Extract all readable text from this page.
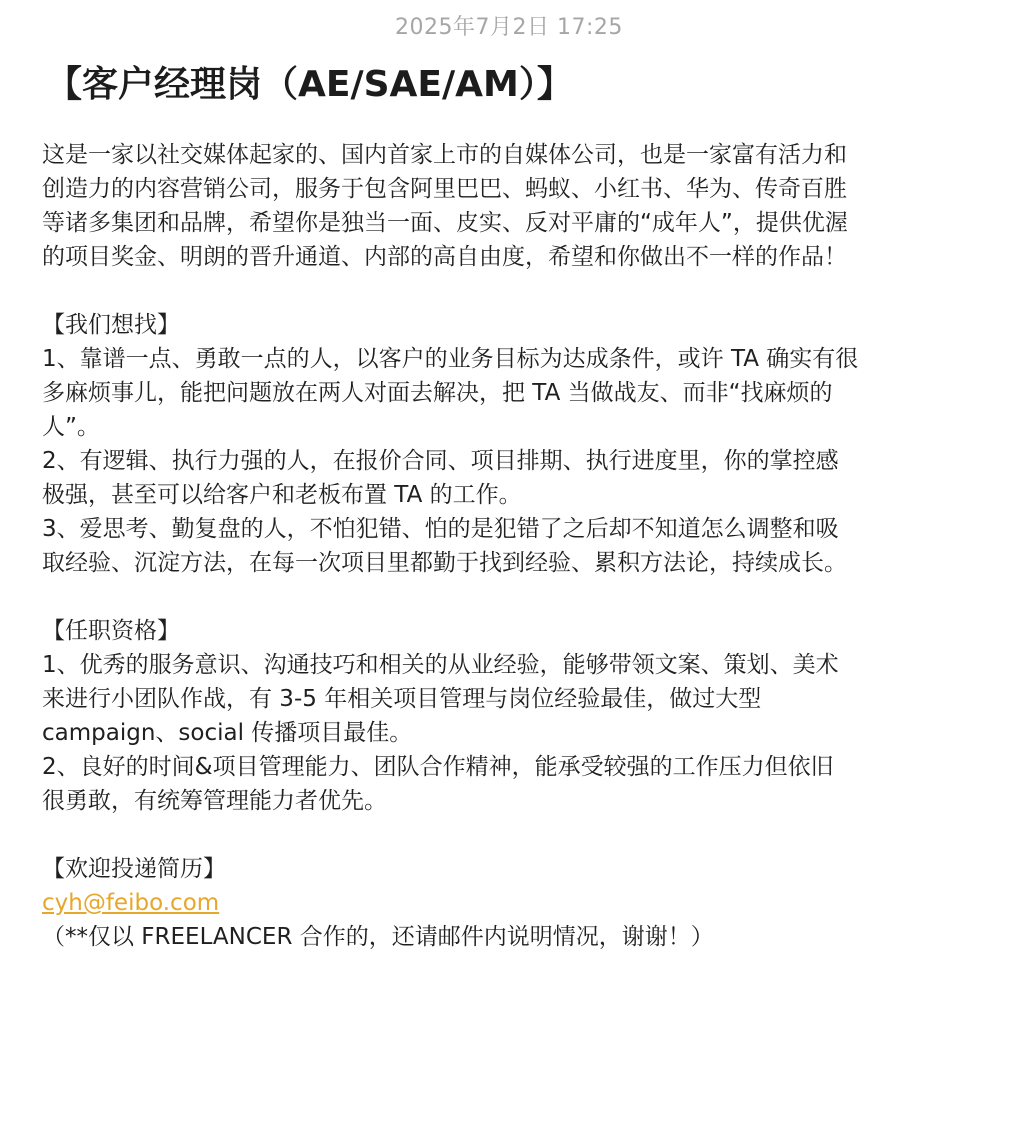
2025年7月2日 17:25
【客户经理岗（AE/SAE/AM）】
这是一家以社交媒体起家的、国内首家上市的自媒体公司，也是一家富有活力和
创造力的内容营销公司，服务于包含阿里巴巴、蚂蚁、小红书、华为、传奇百胜
等诸多集团和品牌，希望你是独当一面、皮实、反对平庸的“成年人”，提供优渥
的项目奖金、明朗的晋升通道、内部的高自由度，希望和你做出不一样的作品！
【我们想找】
1、靠谱一点、勇敢一点的人，以客户的业务目标为达成条件，或许 TA 确实有很
多麻烦事儿，能把问题放在两人对面去解决，把 TA 当做战友、而非“找麻烦的
人”。
2、有逻辑、执行力强的人，在报价合同、项目排期、执行进度里，你的掌控感
极强，甚至可以给客户和老板布置 TA 的工作。
3、爱思考、勤复盘的人，不怕犯错、怕的是犯错了之后却不知道怎么调整和吸
取经验、沉淀方法，在每一次项目里都勤于找到经验、累积方法论，持续成长。
【任职资格】
1、优秀的服务意识、沟通技巧和相关的从业经验，能够带领文案、策划、美术
来进行小团队作战，有 3-5 年相关项目管理与岗位经验最佳，做过大型
campaign、social 传播项目最佳。
2、良好的时间&项目管理能力、团队合作精神，能承受较强的工作压力但依旧
很勇敢，有统筹管理能力者优先。
【欢迎投递简历】
cyh@feibo.com
（**仅以 FREELANCER 合作的，还请邮件内说明情况，谢谢！）
